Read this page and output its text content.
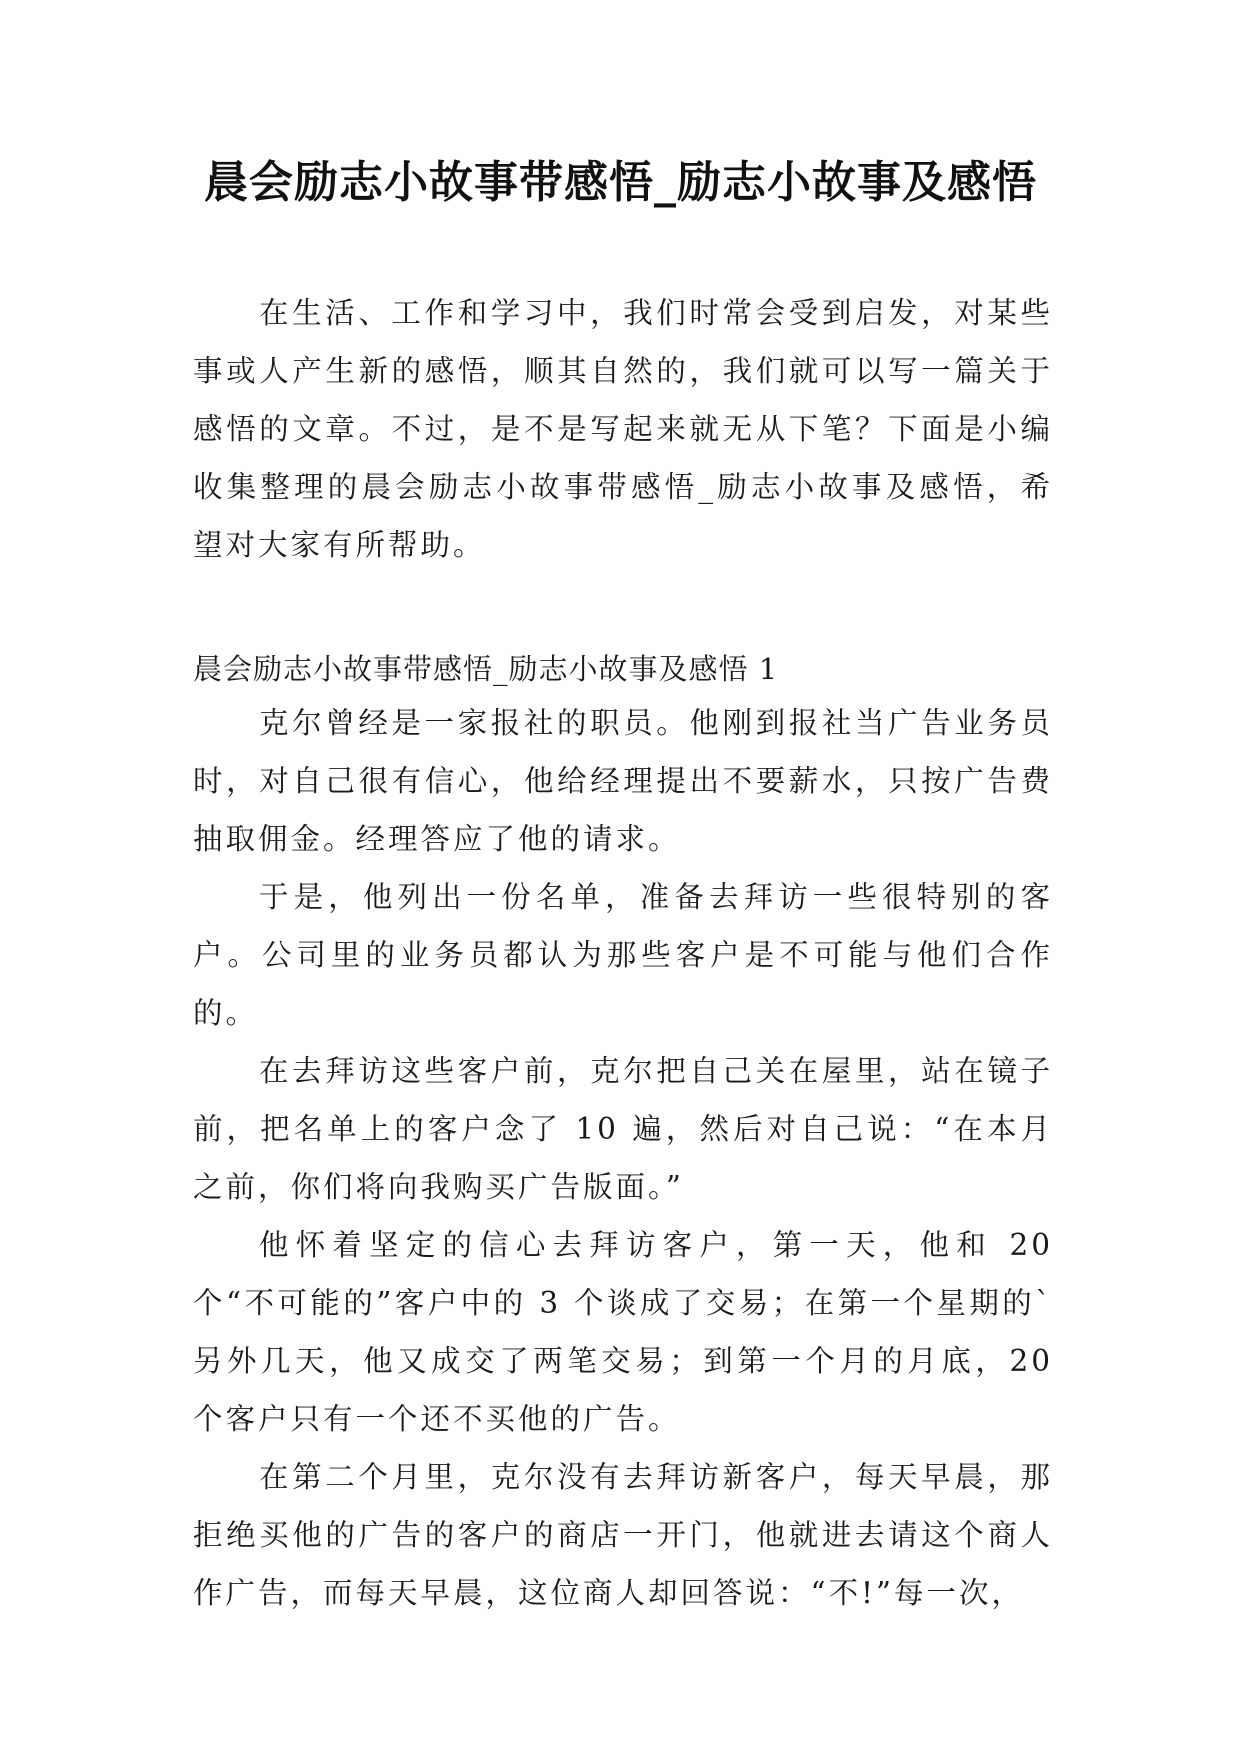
晨会励志小故事带感悟_励志小故事及感悟

在生活、工作和学习中，我们时常会受到启发，对某些事或人产生新的感悟，顺其自然的，我们就可以写一篇关于感悟的文章。不过，是不是写起来就无从下笔？下面是小编收集整理的晨会励志小故事带感悟_励志小故事及感悟，希望对大家有所帮助。

晨会励志小故事带感悟_励志小故事及感悟 1

克尔曾经是一家报社的职员。他刚到报社当广告业务员时，对自己很有信心，他给经理提出不要薪水，只按广告费抽取佣金。经理答应了他的请求。

于是，他列出一份名单，准备去拜访一些很特别的客户。公司里的业务员都认为那些客户是不可能与他们合作的。

在去拜访这些客户前，克尔把自己关在屋里，站在镜子前，把名单上的客户念了 10 遍，然后对自己说：“在本月之前，你们将向我购买广告版面。”

他怀着坚定的信心去拜访客户，第一天，他和 20 个“不可能的”客户中的 3 个谈成了交易；在第一个星期的`另外几天，他又成交了两笔交易；到第一个月的月底，20 个客户只有一个还不买他的广告。

在第二个月里，克尔没有去拜访新客户，每天早晨，那拒绝买他的广告的客户的商店一开门，他就进去请这个商人作广告，而每天早晨，这位商人却回答说：“不!”每一次，
